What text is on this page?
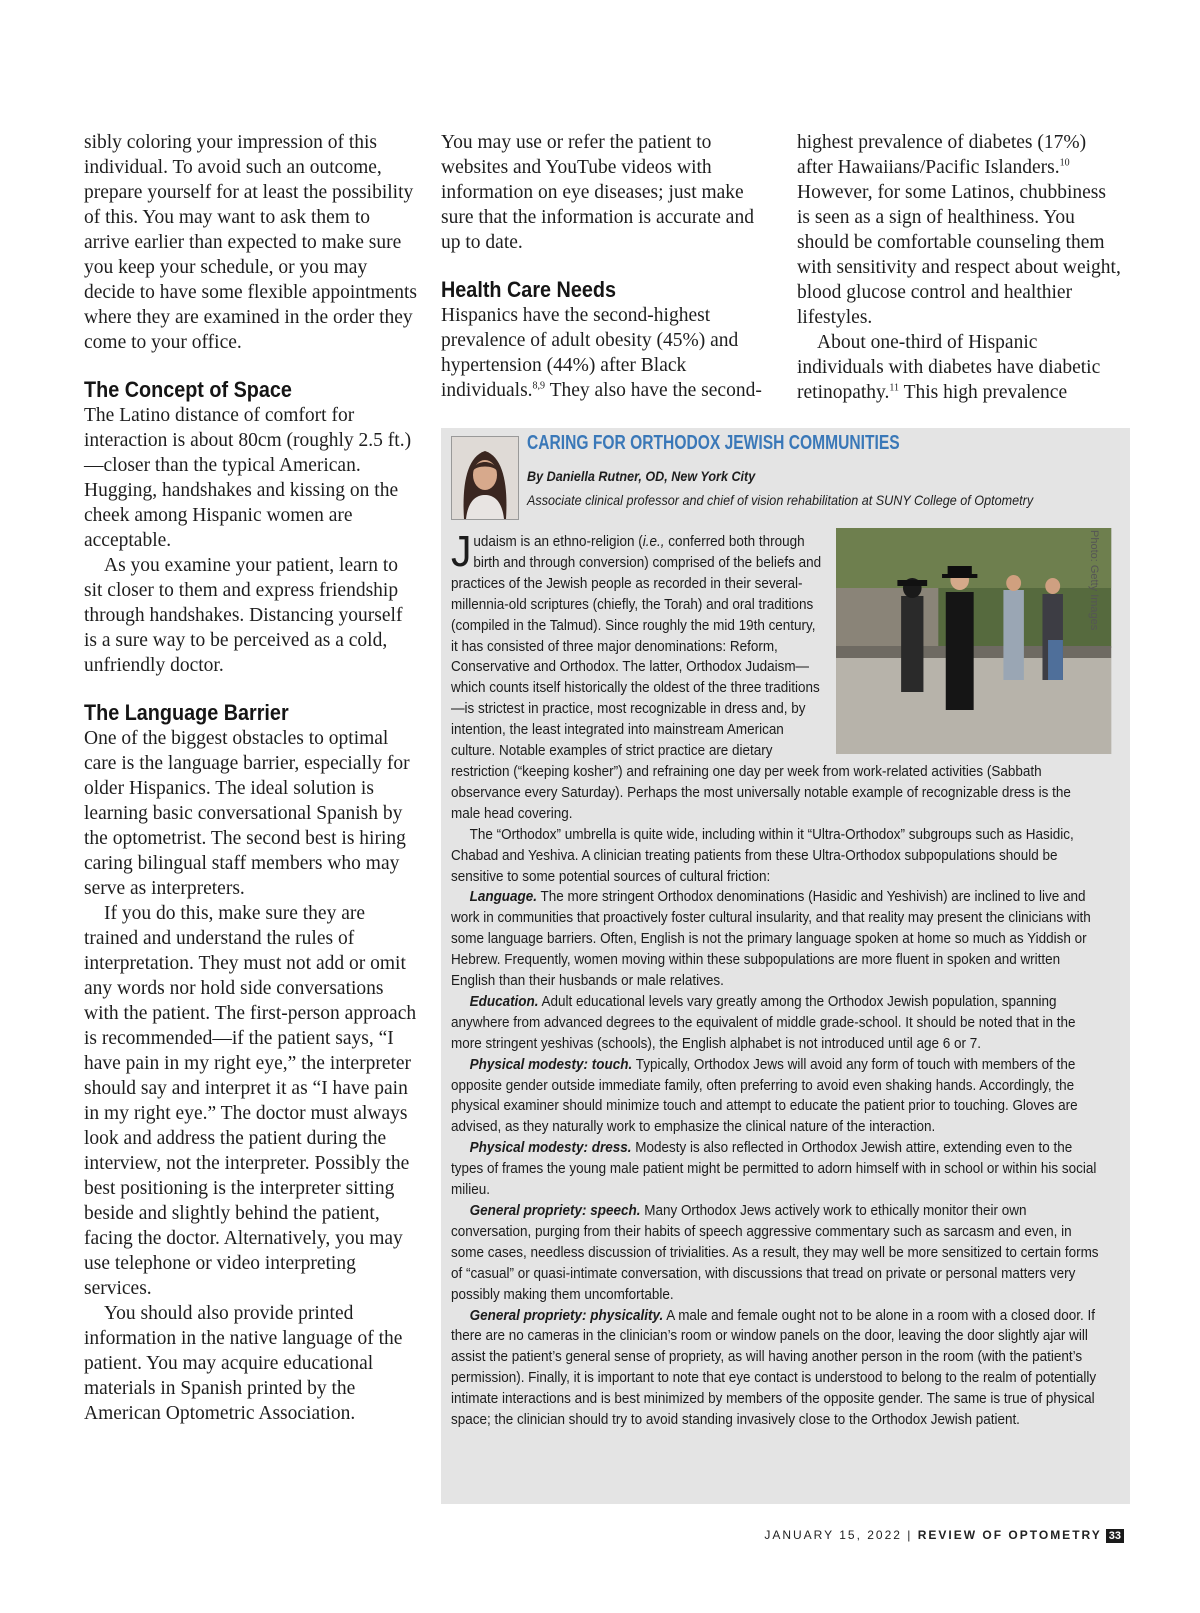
sibly coloring your impression of this individual. To avoid such an outcome, prepare yourself for at least the possibility of this. You may want to ask them to arrive earlier than expected to make sure you keep your schedule, or you may decide to have some flexible appointments where they are examined in the order they come to your office.

The Concept of Space

The Latino distance of comfort for interaction is about 80cm (roughly 2.5 ft.)—closer than the typical American. Hugging, handshakes and kissing on the cheek among Hispanic women are acceptable.

As you examine your patient, learn to sit closer to them and express friendship through handshakes. Distancing yourself is a sure way to be perceived as a cold, unfriendly doctor.

The Language Barrier

One of the biggest obstacles to optimal care is the language barrier, especially for older Hispanics. The ideal solution is learning basic conversational Spanish by the optometrist. The second best is hiring caring bilingual staff members who may serve as interpreters.

If you do this, make sure they are trained and understand the rules of interpretation. They must not add or omit any words nor hold side conversations with the patient. The first-person approach is recommended—if the patient says, “I have pain in my right eye,” the interpreter should say and interpret it as “I have pain in my right eye.” The doctor must always look and address the patient during the interview, not the interpreter. Possibly the best positioning is the interpreter sitting beside and slightly behind the patient, facing the doctor. Alternatively, you may use telephone or video interpreting services.

You should also provide printed information in the native language of the patient. You may acquire educational materials in Spanish printed by the American Optometric Association.

You may use or refer the patient to websites and YouTube videos with information on eye diseases; just make sure that the information is accurate and up to date.

Health Care Needs

Hispanics have the second-highest prevalence of adult obesity (45%) and hypertension (44%) after Black individuals.$^{8,9}$ They also have the second-

highest prevalence of diabetes (17%) after Hawaiians/Pacific Islanders.$^{10}$ However, for some Latinos, chubbiness is seen as a sign of healthiness. You should be comfortable counseling them with sensitivity and respect about weight, blood glucose control and healthier lifestyles.

About one-third of Hispanic individuals with diabetes have diabetic retinopathy.$^{11}$ This high prevalence

CARING FOR ORTHODOX JEWISH COMMUNITIES
By Daniella Rutner, OD, New York City
Associate clinical professor and chief of vision rehabilitation at SUNY College of Optometry
J udaism is an ethno-religion (i.e., conferred both through birth and through conversion) comprised of the beliefs and practices of the Jewish people as recorded in their several-millennia-old scriptures (chiefly, the Torah) and oral traditions (compiled in the Talmud). Since roughly the mid 19th century, it has consisted of three major denominations: Reform, Conservative and Orthodox. The latter, Orthodox Judaism—which counts itself historically the oldest of the three traditions—is strictest in practice, most recognizable in dress and, by intention, the least integrated into mainstream American culture. Notable examples of strict practice are dietary restriction (“keeping kosher”) and refraining one day per week from work-related activities (Sabbath observance every Saturday). Perhaps the most universally notable example of recognizable dress is the male head covering.

The “Orthodox” umbrella is quite wide, including within it “Ultra-Orthodox” subgroups such as Hasidic, Chabad and Yeshiva. A clinician treating patients from these Ultra-Orthodox subpopulations should be sensitive to some potential sources of cultural friction:

Language. The more stringent Orthodox denominations (Hasidic and Yeshivish) are inclined to live and work in communities that proactively foster cultural insularity, and that reality may present the clinicians with some language barriers. Often, English is not the primary language spoken at home so much as Yiddish or Hebrew. Frequently, women moving within these subpopulations are more fluent in spoken and written English than their husbands or male relatives.

Education. Adult educational levels vary greatly among the Orthodox Jewish population, spanning anywhere from advanced degrees to the equivalent of middle grade-school. It should be noted that in the more stringent yeshivas (schools), the English alphabet is not introduced until age 6 or 7.

Physical modesty: touch. Typically, Orthodox Jews will avoid any form of touch with members of the opposite gender outside immediate family, often preferring to avoid even shaking hands. Accordingly, the physical examiner should minimize touch and attempt to educate the patient prior to touching. Gloves are advised, as they naturally work to emphasize the clinical nature of the interaction.

Physical modesty: dress. Modesty is also reflected in Orthodox Jewish attire, extending even to the types of frames the young male patient might be permitted to adorn himself with in school or within his social milieu.

General propriety: speech. Many Orthodox Jews actively work to ethically monitor their own conversation, purging from their habits of speech aggressive commentary such as sarcasm and even, in some cases, needless discussion of trivialities. As a result, they may well be more sensitized to certain forms of “casual” or quasi-intimate conversation, with discussions that tread on private or personal matters very possibly making them uncomfortable.

General propriety: physicality. A male and female ought not to be alone in a room with a closed door. If there are no cameras in the clinician’s room or window panels on the door, leaving the door slightly ajar will assist the patient’s general sense of propriety, as will having another person in the room (with the patient’s permission). Finally, it is important to note that eye contact is understood to belong to the realm of potentially intimate interactions and is best minimized by members of the opposite gender. The same is true of physical space; the clinician should try to avoid standing invasively close to the Orthodox Jewish patient.

Photo: Getty Images
JANUARY 15, 2022 | REVIEW OF OPTOMETRY 33
